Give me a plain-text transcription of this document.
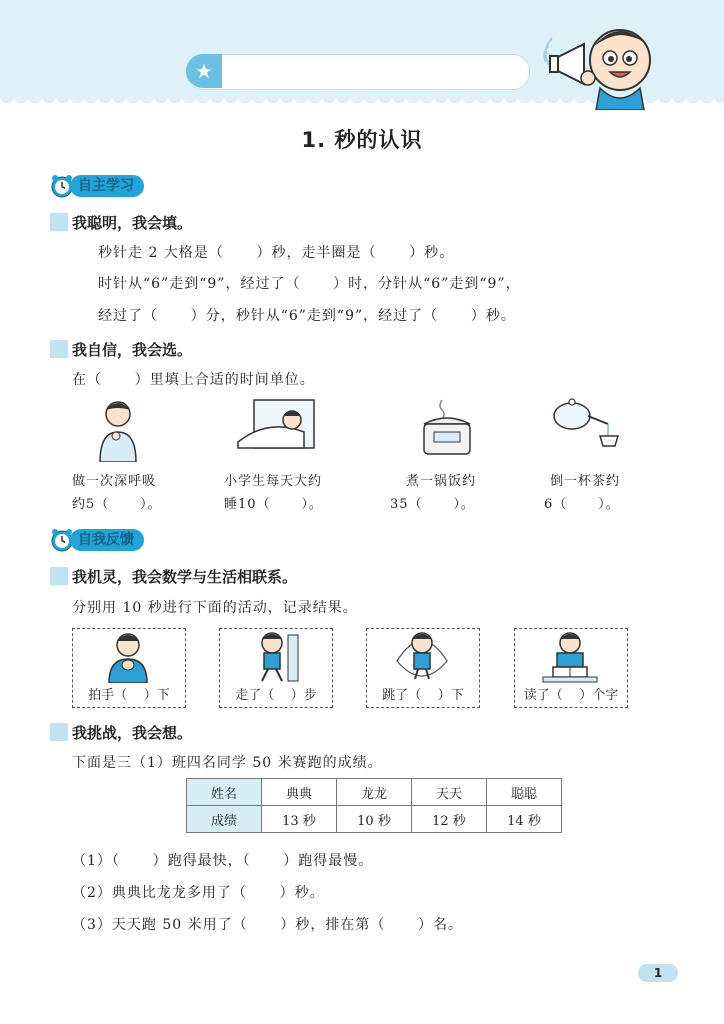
★
1. 秒的认识
自主学习
我聪明，我会填。
秒针走 2 大格是（      ）秒，走半圈是（      ）秒。
时针从“6”走到“9”，经过了（      ）时，分针从“6”走到“9”，
经过了（      ）分，秒针从“6”走到“9”，经过了（      ）秒。
我自信，我会选。
在（      ）里填上合适的时间单位。
做一次深呼吸
约5（      ）。
小学生每天大约
睡10（      ）。
煮一锅饭约
35（      ）。
倒一杯茶约
6（      ）。
自我反馈
我机灵，我会数学与生活相联系。
分别用 10 秒进行下面的活动，记录结果。
拍手（    ）下	走了（    ）步	跳了（    ）下	读了（    ）个字
我挑战，我会想。
下面是三（1）班四名同学 50 米赛跑的成绩。
姓名	典典	龙龙	天天	聪聪
成绩	13 秒	10 秒	12 秒	14 秒
（1）（      ）跑得最快，（      ）跑得最慢。
（2）典典比龙龙多用了（      ）秒。
（3）天天跑 50 米用了（      ）秒，排在第（      ）名。
1
